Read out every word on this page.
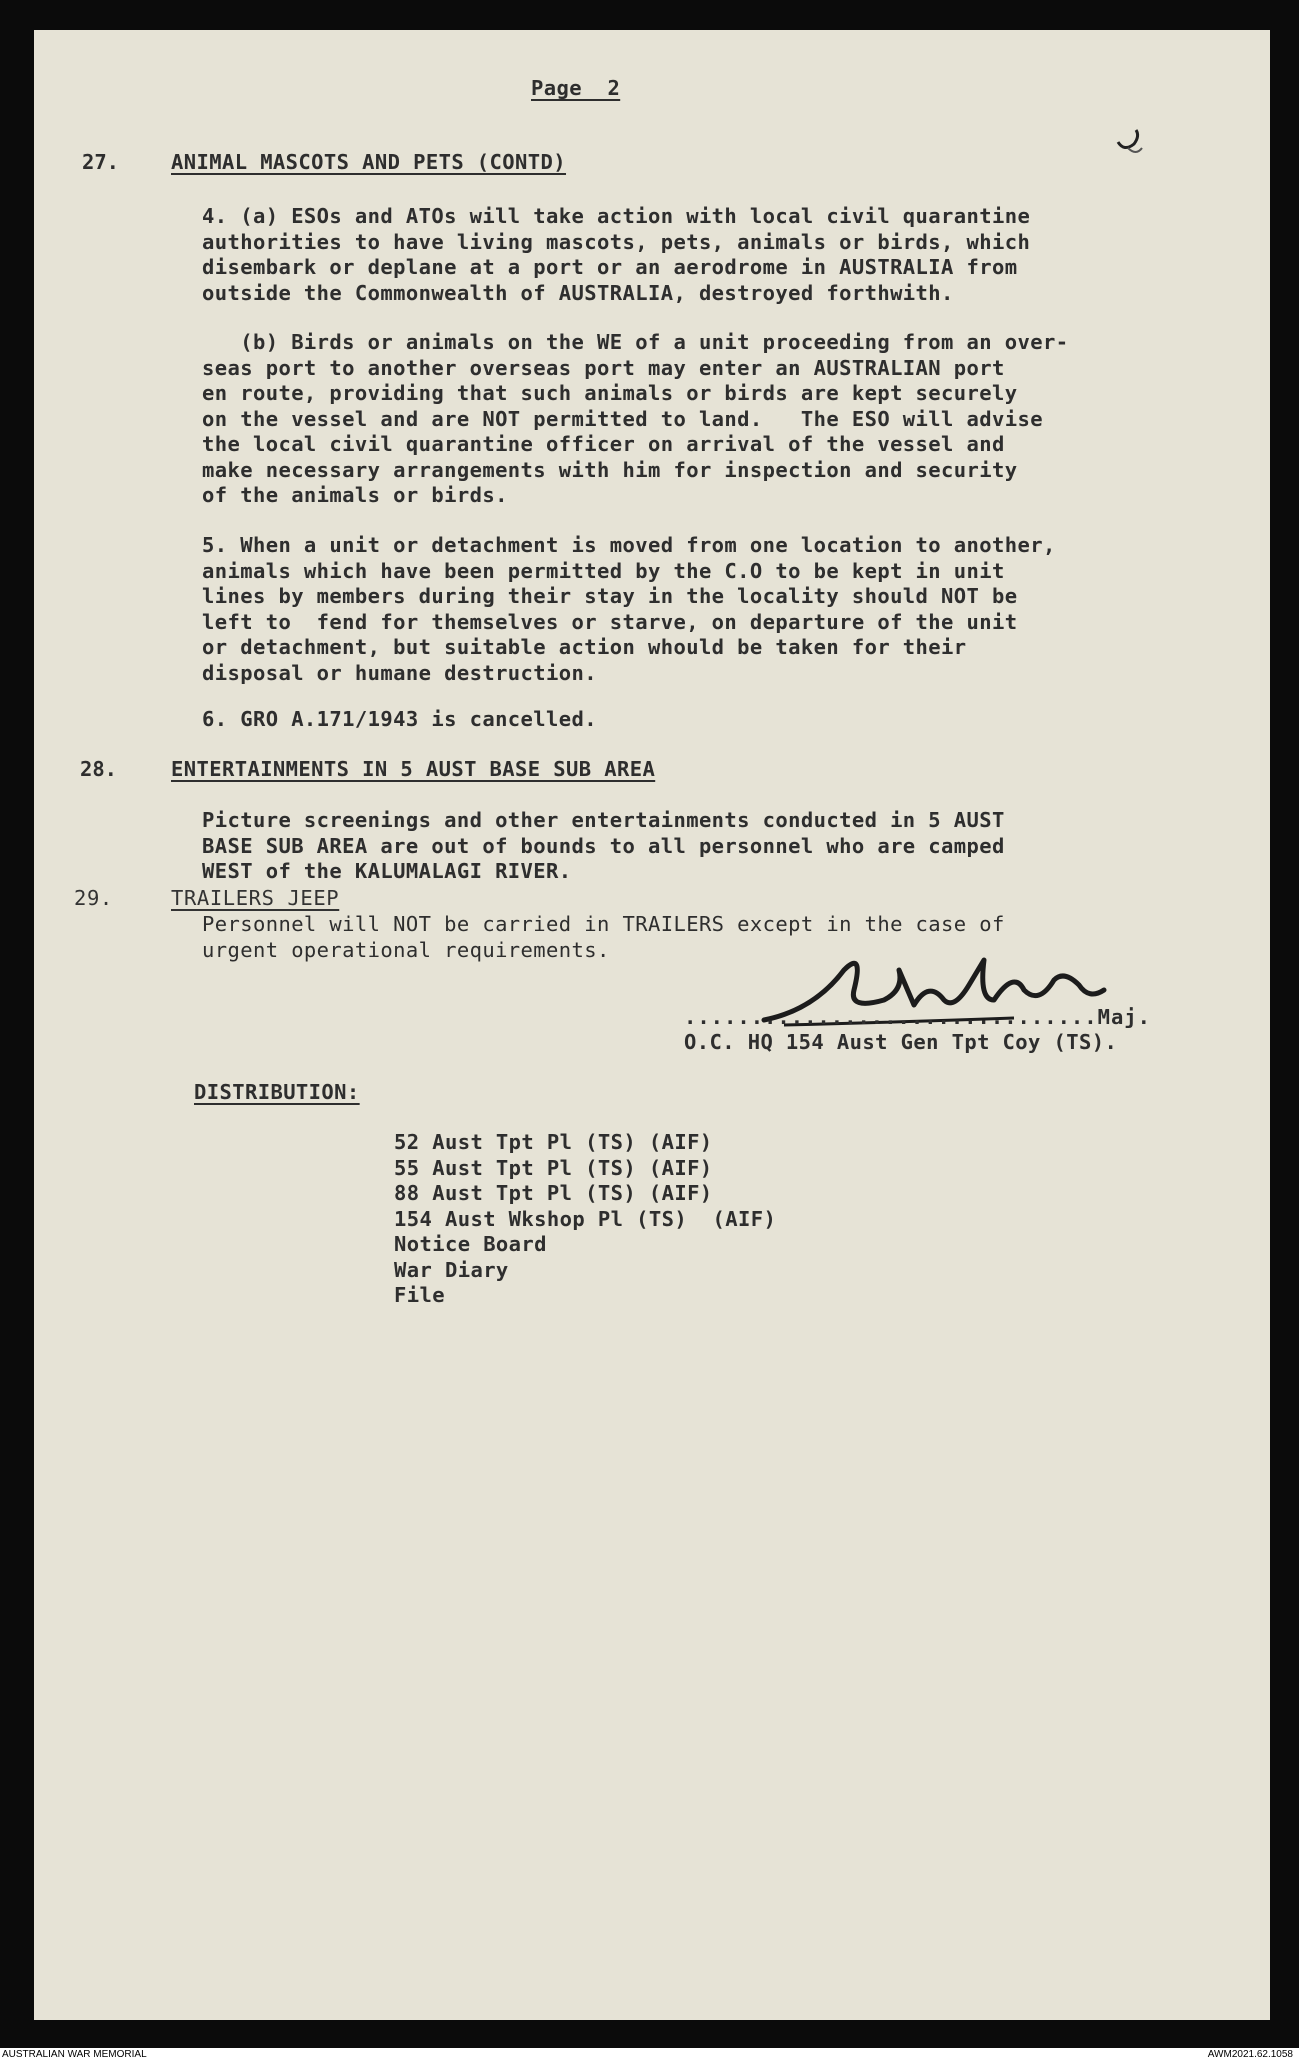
Page  2
27.	ANIMAL MASCOTS AND PETS (CONTD)
4. (a) ESOs and ATOs will take action with local civil quarantine
authorities to have living mascots, pets, animals or birds, which
disembark or deplane at a port or an aerodrome in AUSTRALIA from
outside the Commonwealth of AUSTRALIA, destroyed forthwith.
(b) Birds or animals on the WE of a unit proceeding from an over-
seas port to another overseas port may enter an AUSTRALIAN port
en route, providing that such animals or birds are kept securely
on the vessel and are NOT permitted to land.   The ESO will advise
the local civil quarantine officer on arrival of the vessel and
make necessary arrangements with him for inspection and security
of the animals or birds.
5. When a unit or detachment is moved from one location to another,
animals which have been permitted by the C.O to be kept in unit
lines by members during their stay in the locality should NOT be
left to  fend for themselves or starve, on departure of the unit
or detachment, but suitable action whould be taken for their
disposal or humane destruction.
6. GRO A.171/1943 is cancelled.
28.	ENTERTAINMENTS IN 5 AUST BASE SUB AREA
Picture screenings and other entertainments conducted in 5 AUST
BASE SUB AREA are out of bounds to all personnel who are camped
WEST of the KALUMALAGI RIVER.
29.	TRAILERS JEEP
Personnel will NOT be carried in TRAILERS except in the case of
urgent operational requirements.
...............................Maj.
O.C. HQ 154 Aust Gen Tpt Coy (TS).
DISTRIBUTION:
52 Aust Tpt Pl (TS) (AIF)
55 Aust Tpt Pl (TS) (AIF)
88 Aust Tpt Pl (TS) (AIF)
154 Aust Wkshop Pl (TS)  (AIF)
Notice Board
War Diary
File
AUSTRALIAN WAR MEMORIAL	AWM2021.62.1058
